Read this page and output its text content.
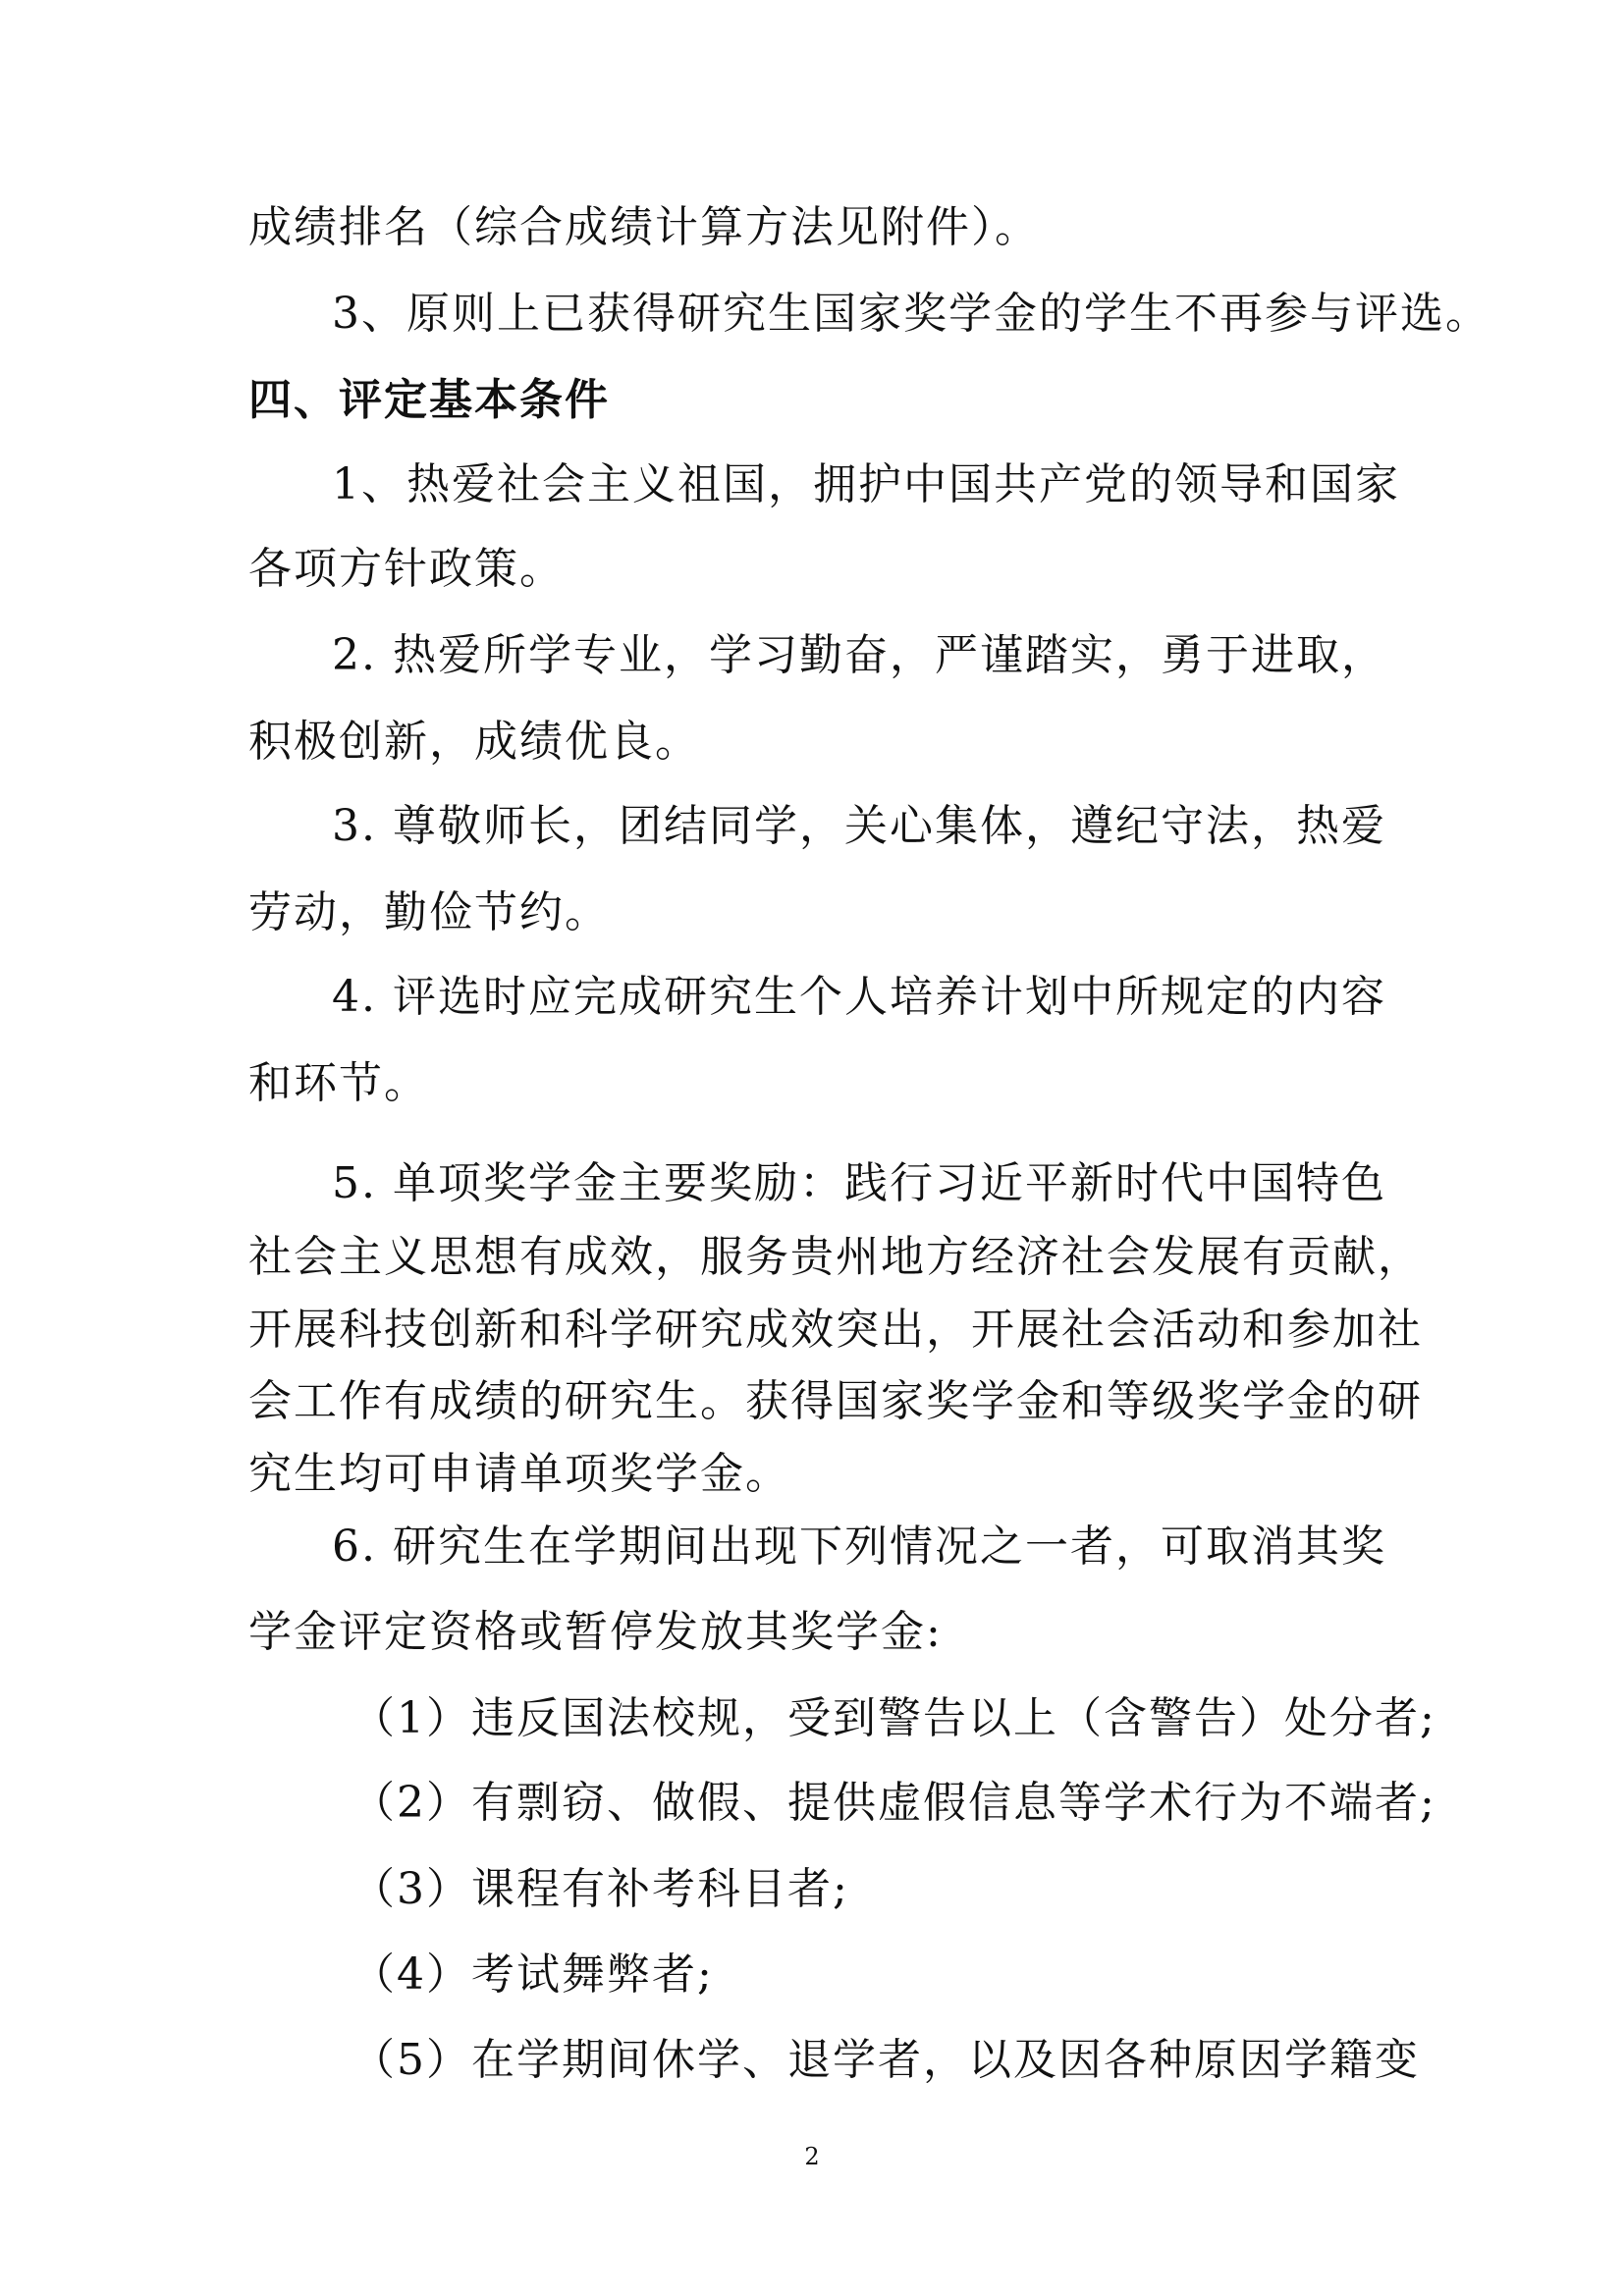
成绩排名（综合成绩计算方法见附件）。
3、原则上已获得研究生国家奖学金的学生不再参与评选。
四、评定基本条件
1、热爱社会主义祖国，拥护中国共产党的领导和国家
各项方针政策。
2. 热爱所学专业，学习勤奋，严谨踏实，勇于进取，
积极创新，成绩优良。
3. 尊敬师长，团结同学，关心集体，遵纪守法，热爱
劳动，勤俭节约。
4. 评选时应完成研究生个人培养计划中所规定的内容
和环节。
5. 单项奖学金主要奖励：践行习近平新时代中国特色
社会主义思想有成效，服务贵州地方经济社会发展有贡献，
开展科技创新和科学研究成效突出，开展社会活动和参加社
会工作有成绩的研究生。获得国家奖学金和等级奖学金的研
究生均可申请单项奖学金。
6. 研究生在学期间出现下列情况之一者，可取消其奖
学金评定资格或暂停发放其奖学金:
（1）违反国法校规，受到警告以上（含警告）处分者;
（2）有剽窃、做假、提供虚假信息等学术行为不端者;
（3）课程有补考科目者;
（4）考试舞弊者;
（5）在学期间休学、退学者，以及因各种原因学籍变
2
